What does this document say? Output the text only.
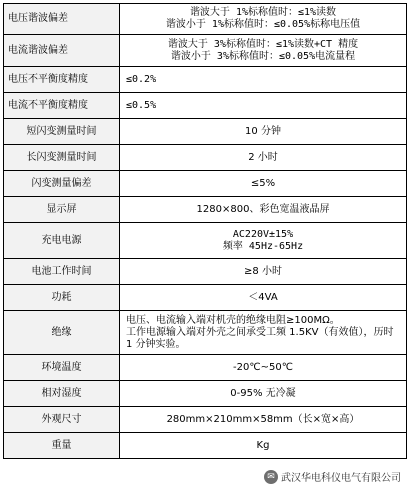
电压谐波偏差	谐波大于 1%标称值时：≤1%读数
谐波小于 1%标称值时：≤0.05%标称电压值

电流谐波偏差	谐波大于 3%标称值时：≤1%读数+CT 精度
谐波小于 3%标称值时：≤0.05%电流量程

电压不平衡度精度	≤0.2%
电流不平衡度精度	≤0.5%
短闪变测量时间	10 分钟
长闪变测量时间	2 小时
闪变测量偏差	≤5%
显示屏	1280×800、彩色宽温液晶屏
充电电源	AC220V±15%
频率 45Hz-65Hz

电池工作时间	≥8 小时
功耗	＜4VA
绝缘	电压、电流输入端对机壳的绝缘电阻≥100MΩ。
工作电源输入端对外壳之间承受工频 1.5KV（有效值），历时 1 分钟实验。

环境温度	-20℃~50℃
相对湿度	0-95% 无冷凝
外观尺寸	280mm×210mm×58mm（长×宽×高）
重量	Kg
✉ 武汉华电科仪电气有限公司
